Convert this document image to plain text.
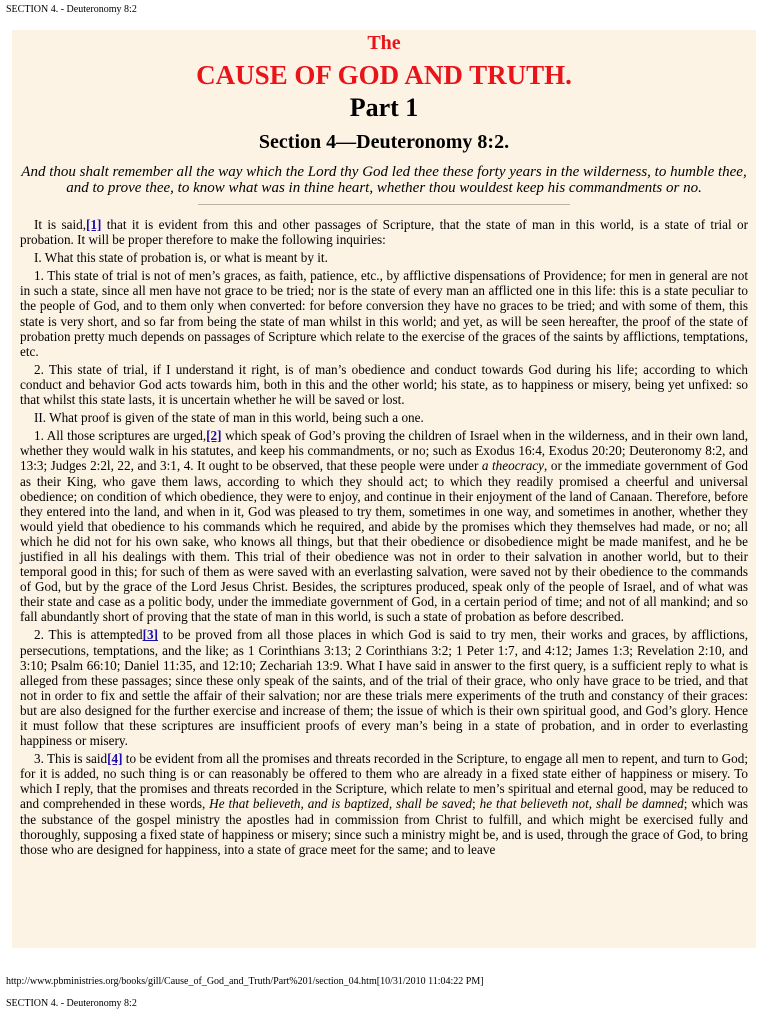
SECTION 4. - Deuteronomy 8:2
The
CAUSE OF GOD AND TRUTH.
Part 1
Section 4—Deuteronomy 8:2.
And thou shalt remember all the way which the Lord thy God led thee these forty years in the wilderness, to humble thee, and to prove thee, to know what was in thine heart, whether thou wouldest keep his commandments or no.

It is said,[1] that it is evident from this and other passages of Scripture, that the state of man in this world, is a state of trial or probation. It will be proper therefore to make the following inquiries:

I. What this state of probation is, or what is meant by it.

1. This state of trial is not of men’s graces, as faith, patience, etc., by afflictive dispensations of Providence; for men in general are not in such a state, since all men have not grace to be tried; nor is the state of every man an afflicted one in this life: this is a state peculiar to the people of God, and to them only when converted: for before conversion they have no graces to be tried; and with some of them, this state is very short, and so far from being the state of man whilst in this world; and yet, as will be seen hereafter, the proof of the state of probation pretty much depends on passages of Scripture which relate to the exercise of the graces of the saints by afflictions, temptations, etc.

2. This state of trial, if I understand it right, is of man’s obedience and conduct towards God during his life; according to which conduct and behavior God acts towards him, both in this and the other world; his state, as to happiness or misery, being yet unfixed: so that whilst this state lasts, it is uncertain whether he will be saved or lost.

II. What proof is given of the state of man in this world, being such a one.

1. All those scriptures are urged,[2] which speak of God’s proving the children of Israel when in the wilderness, and in their own land, whether they would walk in his statutes, and keep his commandments, or no; such as Exodus 16:4, Exodus 20:20; Deuteronomy 8:2, and 13:3; Judges 2:2l, 22, and 3:1, 4. It ought to be observed, that these people were under a theocracy, or the immediate government of God as their King, who gave them laws, according to which they should act; to which they readily promised a cheerful and universal obedience; on condition of which obedience, they were to enjoy, and continue in their enjoyment of the land of Canaan. Therefore, before they entered into the land, and when in it, God was pleased to try them, sometimes in one way, and sometimes in another, whether they would yield that obedience to his commands which he required, and abide by the promises which they themselves had made, or no; all which he did not for his own sake, who knows all things, but that their obedience or disobedience might be made manifest, and he be justified in all his dealings with them. This trial of their obedience was not in order to their salvation in another world, but to their temporal good in this; for such of them as were saved with an everlasting salvation, were saved not by their obedience to the commands of God, but by the grace of the Lord Jesus Christ. Besides, the scriptures produced, speak only of the people of Israel, and of what was their state and case as a politic body, under the immediate government of God, in a certain period of time; and not of all mankind; and so fall abundantly short of proving that the state of man in this world, is such a state of probation as before described.

2. This is attempted[3] to be proved from all those places in which God is said to try men, their works and graces, by afflictions, persecutions, temptations, and the like; as 1 Corinthians 3:13; 2 Corinthians 3:2; 1 Peter 1:7, and 4:12; James 1:3; Revelation 2:10, and 3:10; Psalm 66:10; Daniel 11:35, and 12:10; Zechariah 13:9. What I have said in answer to the first query, is a sufficient reply to what is alleged from these passages; since these only speak of the saints, and of the trial of their grace, who only have grace to be tried, and that not in order to fix and settle the affair of their salvation; nor are these trials mere experiments of the truth and constancy of their graces: but are also designed for the further exercise and increase of them; the issue of which is their own spiritual good, and God’s glory. Hence it must follow that these scriptures are insufficient proofs of every man’s being in a state of probation, and in order to everlasting happiness or misery.

3. This is said[4] to be evident from all the promises and threats recorded in the Scripture, to engage all men to repent, and turn to God; for it is added, no such thing is or can reasonably be offered to them who are already in a fixed state either of happiness or misery. To which I reply, that the promises and threats recorded in the Scripture, which relate to men’s spiritual and eternal good, may be reduced to and comprehended in these words, He that believeth, and is baptized, shall be saved; he that believeth not, shall be damned; which was the substance of the gospel ministry the apostles had in commission from Christ to fulfill, and which might be exercised fully and thoroughly, supposing a fixed state of happiness or misery; since such a ministry might be, and is used, through the grace of God, to bring those who are designed for happiness, into a state of grace meet for the same; and to leave

http://www.pbministries.org/books/gill/Cause_of_God_and_Truth/Part%201/section_04.htm[10/31/2010 11:04:22 PM]
SECTION 4. - Deuteronomy 8:2
